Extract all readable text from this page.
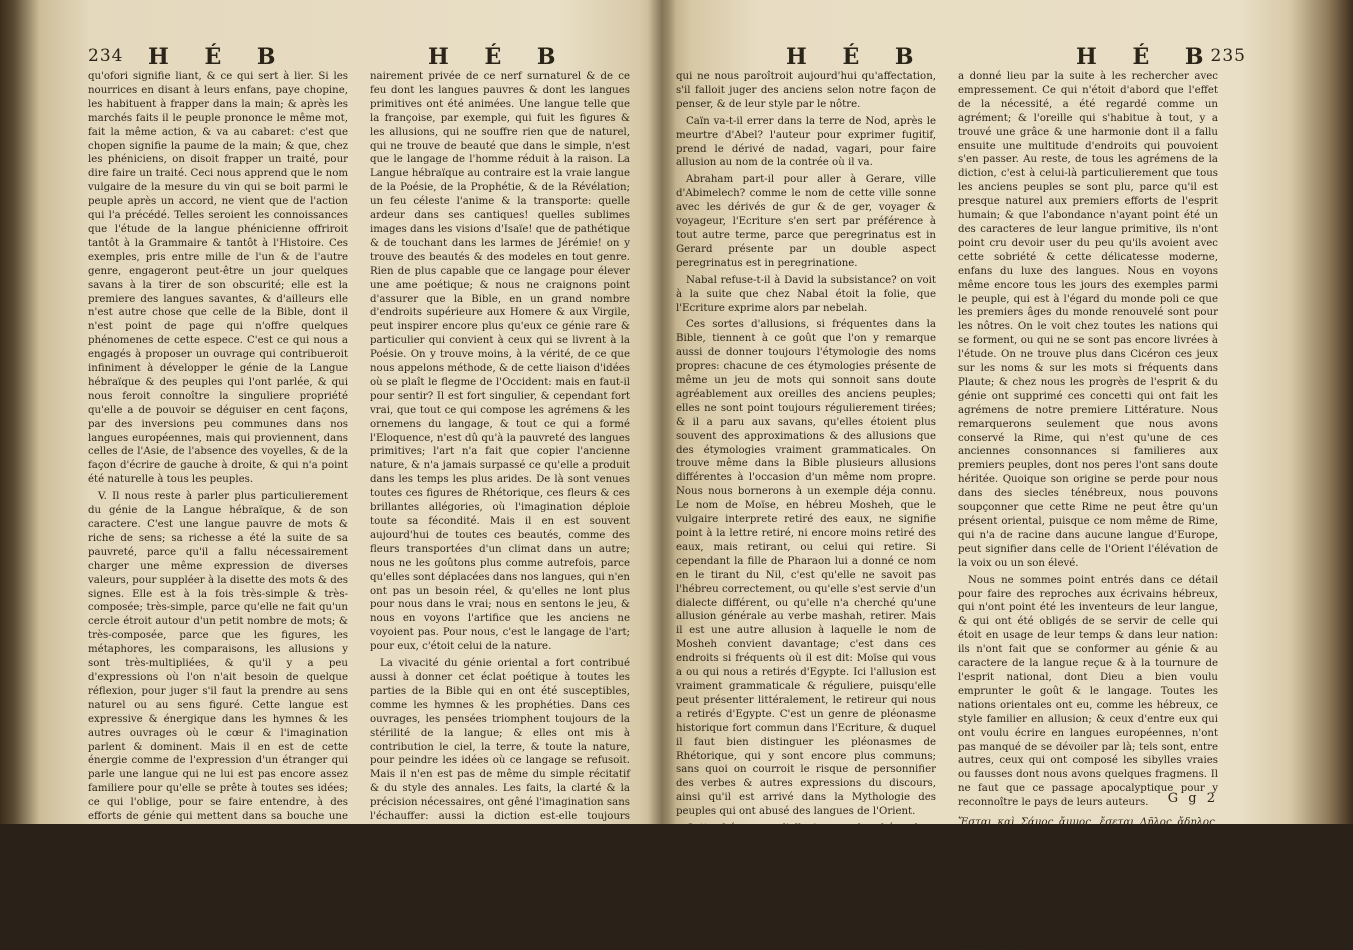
234 H É B	H É B

qu'ofori signifie liant, & ce qui sert à lier. Si les nourrices en disant à leurs enfans, paye chopine, les habituent à frapper dans la main; & après les marchés faits il le peuple prononce le même mot, fait la même action, & va au cabaret: c'est que chopen signifie la paume de la main; & que, chez les phéniciens, on disoit frapper un traité, pour dire faire un traité. Ceci nous apprend que le nom vulgaire de la mesure du vin qui se boit parmi le peuple après un accord, ne vient que de l'action qui l'a précédé. Telles seroient les connoissances que l'étude de la langue phénicienne offriroit tantôt à la Grammaire & tantôt à l'Histoire. Ces exemples, pris entre mille de l'un & de l'autre genre, engageront peut-être un jour quelques savans à la tirer de son obscurité; elle est la premiere des langues savantes, & d'ailleurs elle n'est autre chose que celle de la Bible, dont il n'est point de page qui n'offre quelques phénomenes de cette espece. C'est ce qui nous a engagés à proposer un ouvrage qui contribueroit infiniment à développer le génie de la Langue hébraïque & des peuples qui l'ont parlée, & qui nous feroit connoître la singuliere propriété qu'elle a de pouvoir se déguiser en cent façons, par des inversions peu communes dans nos langues européennes, mais qui proviennent, dans celles de l'Asie, de l'absence des voyelles, & de la façon d'écrire de gauche à droite, & qui n'a point été naturelle à tous les peuples.

V. Il nous reste à parler plus particulierement du génie de la Langue hébraïque, & de son caractere. C'est une langue pauvre de mots & riche de sens; sa richesse a été la suite de sa pauvreté, parce qu'il a fallu nécessairement charger une même expression de diverses valeurs, pour suppléer à la disette des mots & des signes. Elle est à la fois très-simple & très-composée; très-simple, parce qu'elle ne fait qu'un cercle étroit autour d'un petit nombre de mots; & très-composée, parce que les figures, les métaphores, les comparaisons, les allusions y sont très-multipliées, & qu'il y a peu d'expressions où l'on n'ait besoin de quelque réflexion, pour juger s'il faut la prendre au sens naturel ou au sens figuré. Cette langue est expressive & énergique dans les hymnes & les autres ouvrages où le cœur & l'imagination parlent & dominent. Mais il en est de cette énergie comme de l'expression d'un étranger qui parle une langue qui ne lui est pas encore assez familiere pour qu'elle se prête à toutes ses idées; ce qui l'oblige, pour se faire entendre, à des efforts de génie qui mettent dans sa bouche une force qui n'est pas naturelle à ceux qui la parlent d'habitude.

Il n'y a point de langue pauvre & même sauvage, qui ne soit vive, touchante, & plus souvent sublime, qu'une langue riche qui fournit à toutes les idées & à toutes les situations. Cette derniere, à la vérité, a l'avantage de la netteté, de la justesse, de la précision; mais elle est ordi-

nairement privée de ce nerf surnaturel & de ce feu dont les langues pauvres & dont les langues primitives ont été animées. Une langue telle que la françoise, par exemple, qui fuit les figures & les allusions, qui ne souffre rien que de naturel, qui ne trouve de beauté que dans le simple, n'est que le langage de l'homme réduit à la raison. La Langue hébraïque au contraire est la vraie langue de la Poésie, de la Prophétie, & de la Révélation; un feu céleste l'anime & la transporte: quelle ardeur dans ses cantiques! quelles sublimes images dans les visions d'Isaïe! que de pathétique & de touchant dans les larmes de Jérémie! on y trouve des beautés & des modeles en tout genre. Rien de plus capable que ce langage pour élever une ame poétique; & nous ne craignons point d'assurer que la Bible, en un grand nombre d'endroits supérieure aux Homere & aux Virgile, peut inspirer encore plus qu'eux ce génie rare & particulier qui convient à ceux qui se livrent à la Poésie. On y trouve moins, à la vérité, de ce que nous appelons méthode, & de cette liaison d'idées où se plaît le flegme de l'Occident: mais en faut-il pour sentir? Il est fort singulier, & cependant fort vrai, que tout ce qui compose les agrémens & les ornemens du langage, & tout ce qui a formé l'Eloquence, n'est dû qu'à la pauvreté des langues primitives; l'art n'a fait que copier l'ancienne nature, & n'a jamais surpassé ce qu'elle a produit dans les temps les plus arides. De là sont venues toutes ces figures de Rhétorique, ces fleurs & ces brillantes allégories, où l'imagination déploie toute sa fécondité. Mais il en est souvent aujourd'hui de toutes ces beautés, comme des fleurs transportées d'un climat dans un autre; nous ne les goûtons plus comme autrefois, parce qu'elles sont déplacées dans nos langues, qui n'en ont pas un besoin réel, & qu'elles ne lont plus pour nous dans le vrai; nous en sentons le jeu, & nous en voyons l'artifice que les anciens ne voyoient pas. Pour nous, c'est le langage de l'art; pour eux, c'étoit celui de la nature.

La vivacité du génie oriental a fort contribué aussi à donner cet éclat poétique à toutes les parties de la Bible qui en ont été susceptibles, comme les hymnes & les prophéties. Dans ces ouvrages, les pensées triomphent toujours de la stérilité de la langue; & elles ont mis à contribution le ciel, la terre, & toute la nature, pour peindre les idées où ce langage se refusoit. Mais il n'en est pas de même du simple récitatif & du style des annales. Les faits, la clarté & la précision nécessaires, ont gêné l'imagination sans l'échauffer: aussi la diction est-elle toujours seche, aride, concise, & cependant pleine de répétitions monotones; le seul ornement dont il paroît qu'on a cherché à l'embellir, sont des consonnances recherchées, des paronomasies, des métathèses, & des allusions dans les mots qui présentent les faits avec un appareil

H É B	H É B
235

qui ne nous paroîtroit aujourd'hui qu'affectation, s'il falloit juger des anciens selon notre façon de penser, & de leur style par le nôtre.

Caïn va-t-il errer dans la terre de Nod, après le meurtre d'Abel? l'auteur pour exprimer fugitif, prend le dérivé de nadad, vagari, pour faire allusion au nom de la contrée où il va.

Abraham part-il pour aller à Gerare, ville d'Abimelech? comme le nom de cette ville sonne avec les dérivés de gur & de ger, voyager & voyageur, l'Ecriture s'en sert par préférence à tout autre terme, parce que peregrinatus est in Gerard présente par un double aspect peregrinatus est in peregrinatione.

Nabal refuse-t-il à David la subsistance? on voit à la suite que chez Nabal étoit la folie, que l'Ecriture exprime alors par nebelah.

Ces sortes d'allusions, si fréquentes dans la Bible, tiennent à ce goût que l'on y remarque aussi de donner toujours l'étymologie des noms propres: chacune de ces étymologies présente de même un jeu de mots qui sonnoit sans doute agréablement aux oreilles des anciens peuples; elles ne sont point toujours régulierement tirées; & il a paru aux savans, qu'elles étoient plus souvent des approximations & des allusions que des étymologies vraiment grammaticales. On trouve même dans la Bible plusieurs allusions différentes à l'occasion d'un même nom propre. Nous nous bornerons à un exemple déja connu. Le nom de Moïse, en hébreu Mosheh, que le vulgaire interprete retiré des eaux, ne signifie point à la lettre retiré, ni encore moins retiré des eaux, mais retirant, ou celui qui retire. Si cependant la fille de Pharaon lui a donné ce nom en le tirant du Nil, c'est qu'elle ne savoit pas l'hébreu correctement, ou qu'elle s'est servie d'un dialecte différent, ou qu'elle n'a cherché qu'une allusion générale au verbe mashah, retirer. Mais il est une autre allusion à laquelle le nom de Mosheh convient davantage; c'est dans ces endroits si fréquents où il est dit: Moïse qui vous a ou qui nous a retirés d'Egypte. Ici l'allusion est vraiment grammaticale & réguliere, puisqu'elle peut présenter littéralement, le retireur qui nous a retirés d'Egypte. C'est un genre de pléonasme historique fort commun dans l'Ecriture, & duquel il faut bien distinguer les pléonasmes de Rhétorique, qui y sont encore plus communs; sans quoi on courroit le risque de personnifier des verbes & autres expressions du discours, ainsi qu'il est arrivé dans la Mythologie des peuples qui ont abusé des langues de l'Orient.

Cette fréquence d'allusions recherchées dans une langue où les consonnances étoient d'ailleurs si naturelles, à cause du fréquent retour des mêmes expressions, a de quoi nous étonner sans doute; mais il est vraisemblable que la stérilité des mots qui obligeoit de les ramener souvent, est ce qui

a donné lieu par la suite à les rechercher avec empressement. Ce qui n'étoit d'abord que l'effet de la nécessité, a été regardé comme un agrément; & l'oreille qui s'habitue à tout, y a trouvé une grâce & une harmonie dont il a fallu ensuite une multitude d'endroits qui pouvoient s'en passer. Au reste, de tous les agrémens de la diction, c'est à celui-là particulierement que tous les anciens peuples se sont plu, parce qu'il est presque naturel aux premiers efforts de l'esprit humain; & que l'abondance n'ayant point été un des caracteres de leur langue primitive, ils n'ont point cru devoir user du peu qu'ils avoient avec cette sobriété & cette délicatesse moderne, enfans du luxe des langues. Nous en voyons même encore tous les jours des exemples parmi le peuple, qui est à l'égard du monde poli ce que les premiers âges du monde renouvelé sont pour les nôtres. On le voit chez toutes les nations qui se forment, ou qui ne se sont pas encore livrées à l'étude. On ne trouve plus dans Cicéron ces jeux sur les noms & sur les mots si fréquents dans Plaute; & chez nous les progrès de l'esprit & du génie ont supprimé ces concetti qui ont fait les agrémens de notre premiere Littérature. Nous remarquerons seulement que nous avons conservé la Rime, qui n'est qu'une de ces anciennes consonnances si familieres aux premiers peuples, dont nos peres l'ont sans doute héritée. Quoique son origine se perde pour nous dans des siecles ténébreux, nous pouvons soupçonner que cette Rime ne peut être qu'un présent oriental, puisque ce nom même de Rime, qui n'a de racine dans aucune langue d'Europe, peut signifier dans celle de l'Orient l'élévation de la voix ou un son élevé.

Nous ne sommes point entrés dans ce détail pour faire des reproches aux écrivains hébreux, qui n'ont point été les inventeurs de leur langue, & qui ont été obligés de se servir de celle qui étoit en usage de leur temps & dans leur nation: ils n'ont fait que se conformer au génie & au caractere de la langue reçue & à la tournure de l'esprit national, dont Dieu a bien voulu emprunter le goût & le langage. Toutes les nations orientales ont eu, comme les hébreux, ce style familier en allusion; & ceux d'entre eux qui ont voulu écrire en langues européennes, n'ont pas manqué de se dévoiler par là; tels sont, entre autres, ceux qui ont composé les sibylles vraies ou fausses dont nous avons quelques fragmens. Il ne faut que ce passage apocalyptique pour y reconnoître le pays de leurs auteurs.

Ἔσται καὶ Σάμος ἄμμος, ἔσεται Δῆλος ἄδηλος, καὶ Ῥώμη ῥύμη.

Et erit Samos arena, erit Delos ignota, & Roma vicus.

Nous ne devons donc trouver rien d'extraordinaire ni de particulier dans le style des livres saints; il faut toujours avoir égard aux temps & aux peuples: la seule différence que nous devions

G g 2
